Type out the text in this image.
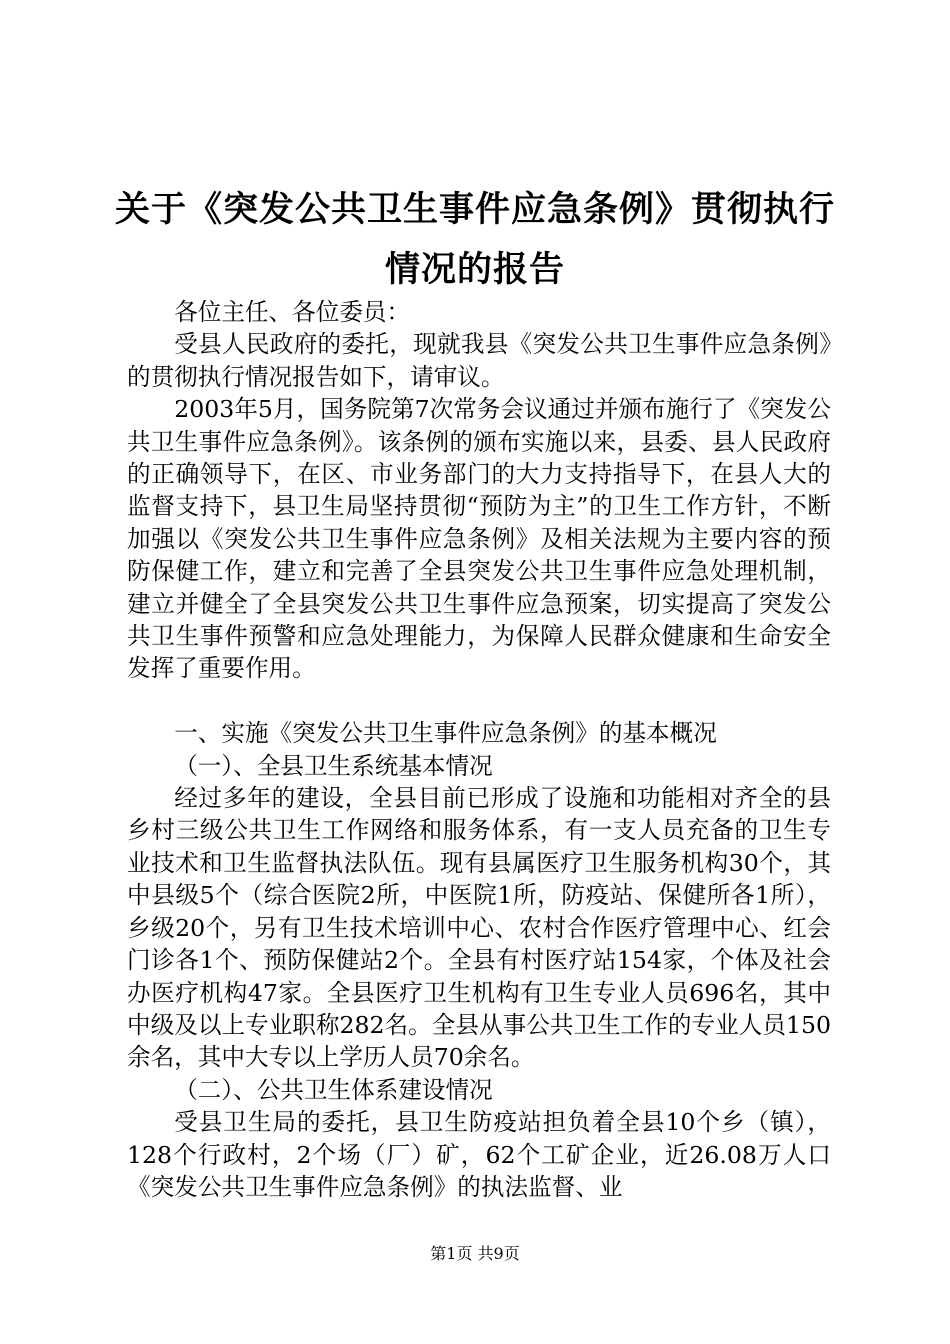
关于《突发公共卫生事件应急条例》贯彻执行
情况的报告

各位主任、各位委员：

受县人民政府的委托，现就我县《突发公共卫生事件应急条例》的贯彻执行情况报告如下，请审议。

2003年5月，国务院第7次常务会议通过并颁布施行了《突发公共卫生事件应急条例》。该条例的颁布实施以来，县委、县人民政府的正确领导下，在区、市业务部门的大力支持指导下，在县人大的监督支持下，县卫生局坚持贯彻“预防为主”的卫生工作方针，不断加强以《突发公共卫生事件应急条例》及相关法规为主要内容的预防保健工作，建立和完善了全县突发公共卫生事件应急处理机制，建立并健全了全县突发公共卫生事件应急预案，切实提高了突发公共卫生事件预警和应急处理能力，为保障人民群众健康和生命安全发挥了重要作用。

一、实施《突发公共卫生事件应急条例》的基本概况

（一）、全县卫生系统基本情况

经过多年的建设，全县目前已形成了设施和功能相对齐全的县乡村三级公共卫生工作网络和服务体系，有一支人员充备的卫生专业技术和卫生监督执法队伍。现有县属医疗卫生服务机构30个，其中县级5个（综合医院2所，中医院1所，防疫站、保健所各1所），乡级20个，另有卫生技术培训中心、农村合作医疗管理中心、红会门诊各1个、预防保健站2个。全县有村医疗站154家，个体及社会办医疗机构47家。全县医疗卫生机构有卫生专业人员696名，其中中级及以上专业职称282名。全县从事公共卫生工作的专业人员150余名，其中大专以上学历人员70余名。

（二）、公共卫生体系建设情况

受县卫生局的委托，县卫生防疫站担负着全县10个乡（镇），128个行政村，2个场（厂）矿，62个工矿企业，近26.08万人口《突发公共卫生事件应急条例》的执法监督、业

第1页 共9页
